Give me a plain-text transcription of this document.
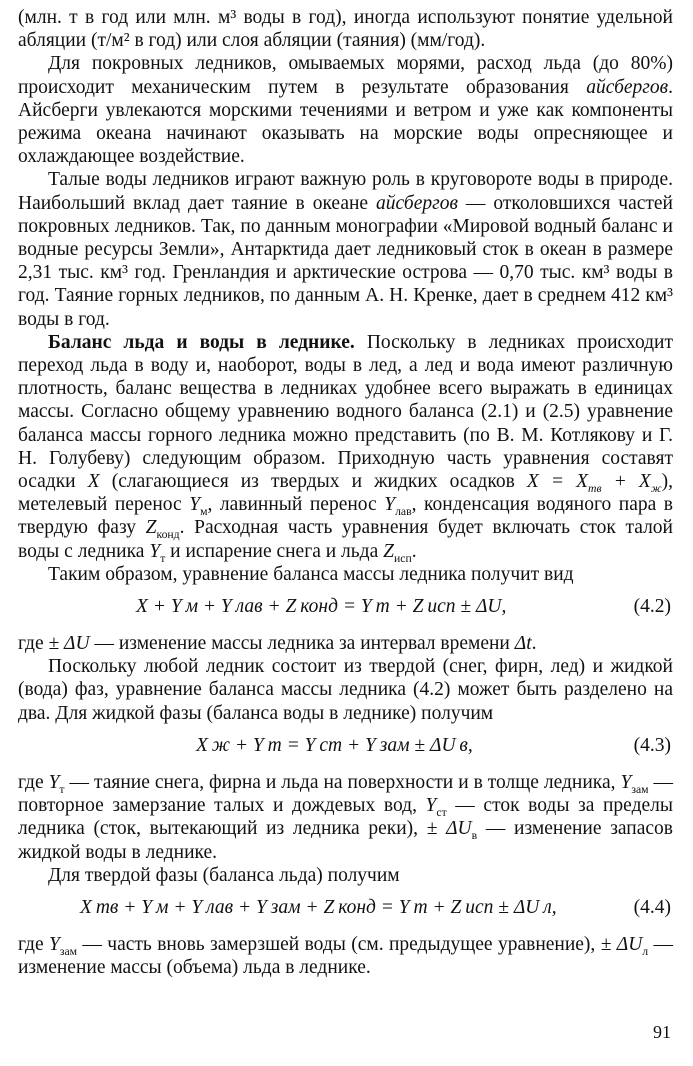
(млн. т в год или млн. м³ воды в год), иногда используют понятие удельной абляции (т/м² в год) или слоя абляции (таяния) (мм/год).

Для покровных ледников, омываемых морями, расход льда (до 80%) происходит механическим путем в результате образования айсбергов. Айсберги увлекаются морскими течениями и ветром и уже как компоненты режима океана начинают оказывать на морские воды опресняющее и охлаждающее воздействие.

Талые воды ледников играют важную роль в круговороте воды в природе. Наибольший вклад дает таяние в океане айсбергов — отколовшихся частей покровных ледников. Так, по данным монографии «Мировой водный баланс и водные ресурсы Земли», Антарктида дает ледниковый сток в океан в размере 2,31 тыс. км³ год. Гренландия и арктические острова — 0,70 тыс. км³ воды в год. Таяние горных ледников, по данным А. Н. Кренке, дает в среднем 412 км³ воды в год.

Баланс льда и воды в леднике. Поскольку в ледниках происходит переход льда в воду и, наоборот, воды в лед, а лед и вода имеют различную плотность, баланс вещества в ледниках удобнее всего выражать в единицах массы. Согласно общему уравнению водного баланса (2.1) и (2.5) уравнение баланса массы горного ледника можно представить (по В. М. Котлякову и Г. Н. Голубеву) следующим образом. Приходную часть уравнения составят осадки X (слагающиеся из твердых и жидких осадков $X = X_{тв} + X_ж$), метелевый перенос $Y_м$, лавинный перенос $Y_{лав}$, конденсация водяного пара в твердую фазу $Z_{конд}$. Расходная часть уравнения будет включать сток талой воды с ледника $Y_т$ и испарение снега и льда $Z_{исп}$.

Таким образом, уравнение баланса массы ледника получит вид

X + Y м + Y лав + Z конд = Y т + Z исп ± ΔU,	(4.2)

где ± ΔU — изменение массы ледника за интервал времени Δt.

Поскольку любой ледник состоит из твердой (снег, фирн, лед) и жидкой (вода) фаз, уравнение баланса массы ледника (4.2) может быть разделено на два. Для жидкой фазы (баланса воды в леднике) получим

X ж + Y т = Y ст + Y зам ± ΔU в,	(4.3)

где $Y_т$ — таяние снега, фирна и льда на поверхности и в толще ледника, $Y_{зам}$ — повторное замерзание талых и дождевых вод, $Y_{ст}$ — сток воды за пределы ледника (сток, вытекающий из ледника реки), ± $\Delta U_в$ — изменение запасов жидкой воды в леднике.

Для твердой фазы (баланса льда) получим

X тв + Y м + Y лав + Y зам + Z конд = Y т + Z исп ± ΔU л,	(4.4)

где $Y_{зам}$ — часть вновь замерзшей воды (см. предыдущее уравнение), ± $\Delta U_л$ — изменение массы (объема) льда в леднике.

91
